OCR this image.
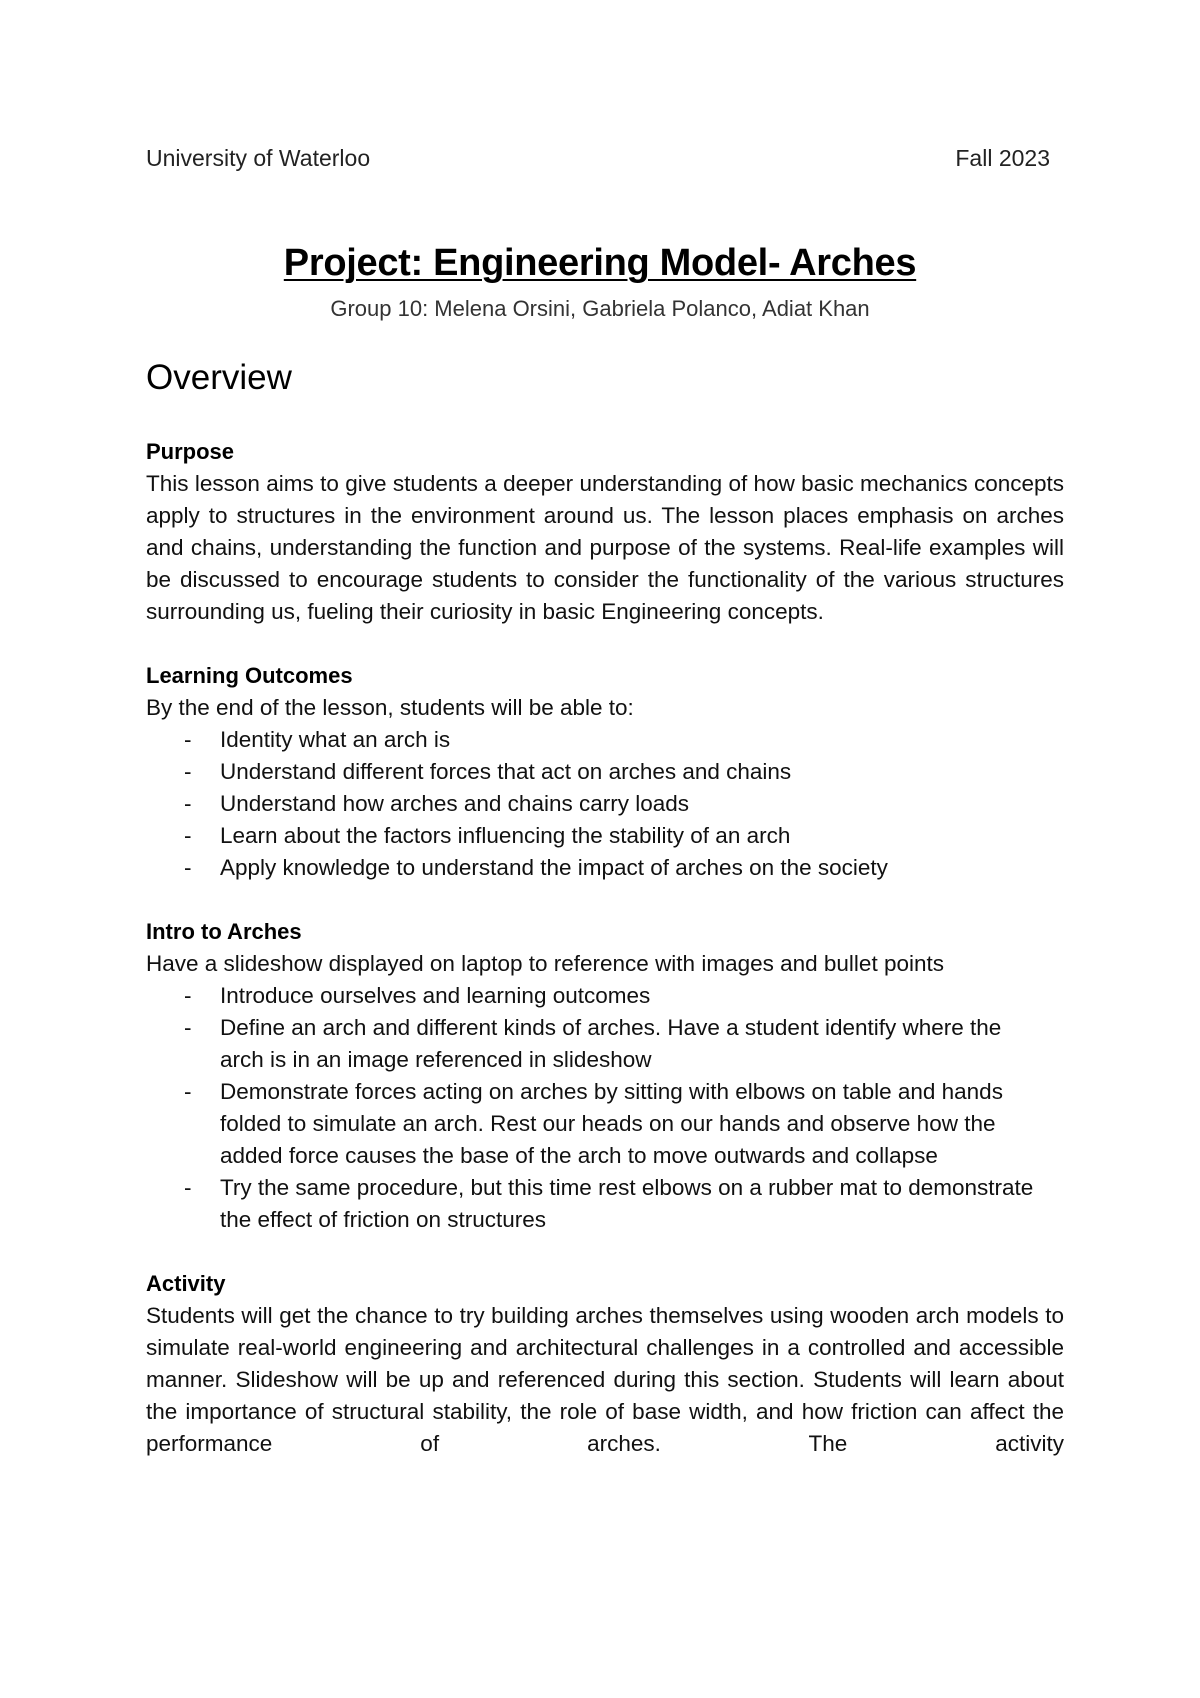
University of Waterloo	Fall 2023
Project: Engineering Model- Arches
Group 10: Melena Orsini, Gabriela Polanco, Adiat Khan
Overview
Purpose

This lesson aims to give students a deeper understanding of how basic mechanics concepts apply to structures in the environment around us. The lesson places emphasis on arches and chains, understanding the function and purpose of the systems. Real-life examples will be discussed to encourage students to consider the functionality of the various structures surrounding us, fueling their curiosity in basic Engineering concepts.

Learning Outcomes

By the end of the lesson, students will be able to:

- Identity what an arch is
- Understand different forces that act on arches and chains
- Understand how arches and chains carry loads
- Learn about the factors influencing the stability of an arch
- Apply knowledge to understand the impact of arches on the society
Intro to Arches

Have a slideshow displayed on laptop to reference with images and bullet points

- Introduce ourselves and learning outcomes
- Define an arch and different kinds of arches. Have a student identify where the arch is in an image referenced in slideshow
- Demonstrate forces acting on arches by sitting with elbows on table and hands folded to simulate an arch. Rest our heads on our hands and observe how the added force causes the base of the arch to move outwards and collapse
- Try the same procedure, but this time rest elbows on a rubber mat to demonstrate the effect of friction on structures
Activity

Students will get the chance to try building arches themselves using wooden arch models to simulate real-world engineering and architectural challenges in a controlled and accessible manner. Slideshow will be up and referenced during this section. Students will learn about the importance of structural stability, the role of base width, and how friction can affect the performance of arches. The activity
